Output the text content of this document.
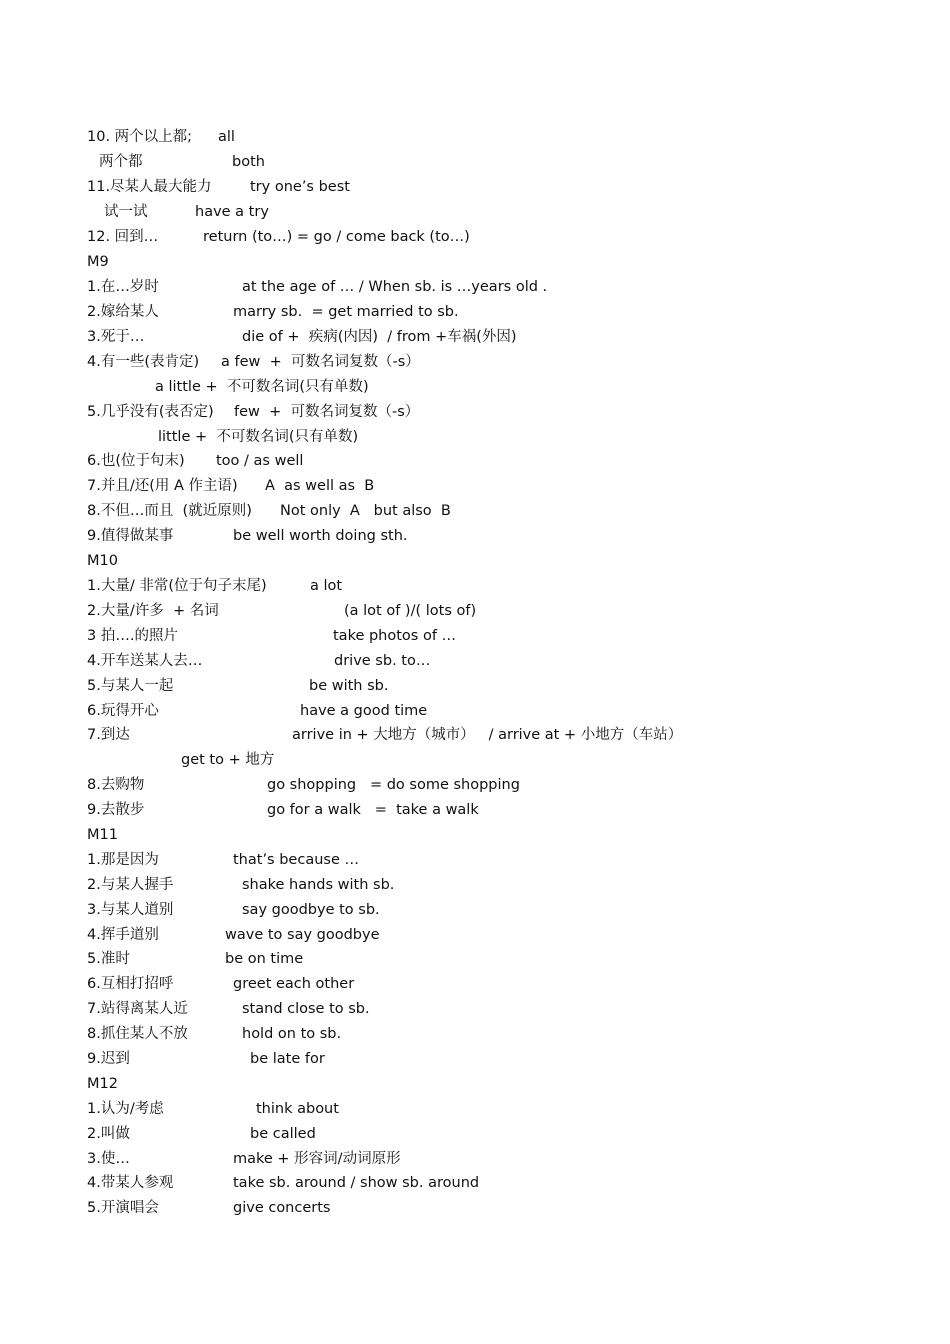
10. 两个以上都; all
两个都	both
11.尽某人最大能力	try one’s best
试一试	have a try
12. 回到…	return (to…) = go / come back (to…)
M9
1.在…岁时	at the age of … / When sb. is …years old .
2.嫁给某人	marry sb.  = get married to sb.
3.死于…	die of +  疾病(内因)  / from +车祸(外因)
4.有一些(表肯定) a few  +  可数名词复数（-s）
a little +  不可数名词(只有单数)
5.几乎没有(表否定) few  +  可数名词复数（-s）
little +  不可数名词(只有单数)
6.也(位于句末) too / as well
7.并且/还(用 A 作主语) A  as well as  B
8.不但…而且  (就近原则) Not only  A   but also  B
9.值得做某事	be well worth doing sth.
M10
1.大量/ 非常(位于句子末尾)	a lot
2.大量/许多  + 名词	(a lot of )/( lots of)
3 拍….的照片	take photos of …
4.开车送某人去…	drive sb. to…
5.与某人一起	be with sb.
6.玩得开心	have a good time
7.到达	arrive in + 大地方（城市）   / arrive at + 小地方（车站）
get to + 地方
8.去购物	go shopping   = do some shopping
9.去散步	go for a walk   =  take a walk
M11
1.那是因为	that’s because …
2.与某人握手	shake hands with sb.
3.与某人道别	say goodbye to sb.
4.挥手道别	wave to say goodbye
5.准时	be on time
6.互相打招呼	greet each other
7.站得离某人近	stand close to sb.
8.抓住某人不放	hold on to sb.
9.迟到	be late for
M12
1.认为/考虑	think about
2.叫做	be called
3.使…	make + 形容词/动词原形
4.带某人参观	take sb. around / show sb. around
5.开演唱会	give concerts
